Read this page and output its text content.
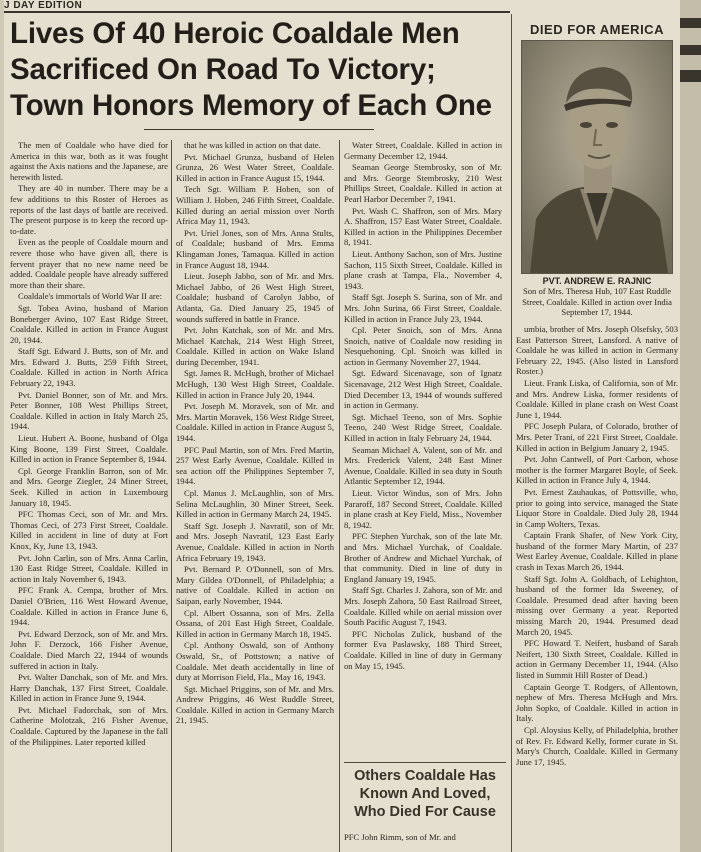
J DAY EDITION
Lives Of 40 Heroic Coaldale Men
Sacrificed On Road To Victory;
Town Honors Memory of Each One

The men of Coaldale who have died for America in this war, both as it was fought against the Axis nations and the Japanese, are herewith listed.

They are 40 in number. There may be a few additions to this Roster of Heroes as reports of the last days of battle are received. The present purpose is to keep the record up-to-date.

Even as the people of Coaldale mourn and revere those who have given all, there is fervent prayer that no new name need be added. Coaldale people have already suffered more than their share.

Coaldale's immortals of World War II are:

Sgt. Tobea Avino, husband of Marion Boneberger Avino, 107 East Ridge Street, Coaldale. Killed in action in France August 20, 1944.

Staff Sgt. Edward J. Butts, son of Mr. and Mrs. Edward J. Butts, 259 Fifth Street, Coaldale. Killed in action in North Africa February 22, 1943.

Pvt. Daniel Bonner, son of Mr. and Mrs. Peter Bonner, 108 West Phillips Street, Coaldale. Killed in action in Italy March 25, 1944.

Lieut. Hubert A. Boone, husband of Olga King Boone, 139 First Street, Coaldale. Killed in action in France September 8, 1944.

Cpl. George Franklin Barron, son of Mr. and Mrs. George Ziegler, 24 Miner Street, Seek. Killed in action in Luxembourg January 18, 1945.

PFC Thomas Ceci, son of Mr. and Mrs. Thomas Ceci, of 273 First Street, Coaldale. Killed in accident in line of duty at Fort Knox, Ky, June 13, 1943.

Pvt. John Carlin, son of Mrs. Anna Carlin, 130 East Ridge Street, Coaldale. Killed in action in Italy November 6, 1943.

PFC Frank A. Cempa, brother of Mrs. Daniel O'Brien, 116 West Howard Avenue, Coaldale. Killed in action in France June 6, 1944.

Pvt. Edward Derzock, son of Mr. and Mrs. John F. Derzock, 166 Fisher Avenue, Coaldale. Died March 22, 1944 of wounds suffered in action in Italy.

Pvt. Walter Danchak, son of Mr. and Mrs. Harry Danchak, 137 First Street, Coaldale. Killed in action in France June 9, 1944.

Pvt. Michael Fadorchak, son of Mrs. Catherine Molotzak, 216 Fisher Avenue, Coaldale. Captured by the Japanese in the fall of the Philippines. Later reported killed

that he was killed in action on that date.

Pvt. Michael Grunza, husband of Helen Grunza, 26 West Water Street, Coaldale. Killed in action in France August 15, 1944.

Tech Sgt. William P. Hoben, son of William J. Hoben, 246 Fifth Street, Coaldale. Killed during an aerial mission over North Africa May 11, 1943.

Pvt. Uriel Jones, son of Mrs. Anna Stults, of Coaldale; husband of Mrs. Emma Klingaman Jones, Tamaqua. Killed in action in France August 18, 1944.

Lieut. Joseph Jabbo, son of Mr. and Mrs. Michael Jabbo, of 26 West High Street, Coaldale; husband of Carolyn Jabbo, of Atlanta, Ga. Died January 25, 1945 of wounds suffered in battle in France.

Pvt. John Katchak, son of Mr. and Mrs. Michael Katchak, 214 West High Street, Coaldale. Killed in action on Wake Island during December, 1941.

Sgt. James R. McHugh, brother of Michael McHugh, 130 West High Street, Coaldale. Killed in action in France July 20, 1944.

Pvt. Joseph M. Moravek, son of Mr. and Mrs. Martin Moravek, 156 West Ridge Street, Coaldale. Killed in action in France August 5, 1944.

PFC Paul Martin, son of Mrs. Fred Martin, 257 West Early Avenue, Coaldale. Killed in sea action off the Philippines September 7, 1944.

Cpl. Manus J. McLaughlin, son of Mrs. Selina McLaughlin, 30 Miner Street, Seek. Killed in action in Germany March 24, 1945.

Staff Sgt. Joseph J. Navratil, son of Mr. and Mrs. Joseph Navratil, 123 East Early Avenue, Coaldale. Killed in action in North Africa February 19, 1943.

Pvt. Bernard P. O'Donnell, son of Mrs. Mary Gildea O'Donnell, of Philadelphia; a native of Coaldale. Killed in action on Saipan, early November, 1944.

Cpl. Albert Ossanna, son of Mrs. Zella Ossana, of 201 East High Street, Coaldale. Killed in action in Germany March 18, 1945.

Cpl. Anthony Oswald, son of Anthony Oswald, Sr., of Pottstown; a native of Coaldale. Met death accidentally in line of duty at Morrison Field, Fla., May 16, 1943.

Sgt. Michael Priggins, son of Mr. and Mrs. Andrew Priggins, 46 West Ruddle Street, Coaldale. Killed in action in Germany March 21, 1945.

Water Street, Coaldale. Killed in action in Germany December 12, 1944.

Seaman George Stembrosky, son of Mr. and Mrs. George Stembrosky, 210 West Phillips Street, Coaldale. Killed in action at Pearl Harbor December 7, 1941.

Pvt. Wash C. Shaffron, son of Mrs. Mary A. Shaffron, 157 East Water Street, Coaldale. Killed in action in the Philippines December 8, 1941.

Lieut. Anthony Sachon, son of Mrs. Justine Sachon, 115 Sixth Street, Coaldale. Killed in plane crash at Tampa, Fla., November 4, 1943.

Staff Sgt. Joseph S. Surina, son of Mr. and Mrs. John Surina, 66 First Street, Coaldale. Killed in action in France July 23, 1944.

Cpl. Peter Snoich, son of Mrs. Anna Snoich, native of Coaldale now residing in Nesquehoning. Cpl. Snoich was killed in action in Germany November 27, 1944.

Sgt. Edward Sicenavage, son of Ignatz Sicenavage, 212 West High Street, Coaldale. Died December 13, 1944 of wounds suffered in action in Germany.

Sgt. Michael Teeno, son of Mrs. Sophie Teeno, 240 West Ridge Street, Coaldale. Killed in action in Italy February 24, 1944.

Seaman Michael A. Valent, son of Mr. and Mrs. Frederick Valent, 248 East Miner Avenue, Coaldale. Killed in sea duty in South Atlantic September 12, 1944.

Lieut. Victor Windus, son of Mrs. John Pararoff, 187 Second Street, Coaldale. Killed in plane crash at Key Field, Miss., November 8, 1942.

PFC Stephen Yurchak, son of the late Mr. and Mrs. Michael Yurchak, of Coaldale. Brother of Andrew and Michael Yurchak, of that community. Died in line of duty in England January 19, 1945.

Staff Sgt. Charles J. Zahora, son of Mr. and Mrs. Joseph Zahora, 50 East Railroad Street, Coaldale. Killed while on aerial mission over South Pacific August 7, 1943.

PFC Nicholas Zulick, husband of the former Eva Paslawsky, 188 Third Street, Coaldale. Killed in line of duty in Germany on May 15, 1945.

DIED FOR AMERICA
PVT. ANDREW E. RAJNIC
Son of Mrs. Theresa Hub, 107 East Ruddle Street, Coaldale. Killed in action over India September 17, 1944.

umbia, brother of Mrs. Joseph Olsefsky, 503 East Patterson Street, Lansford. A native of Coaldale he was killed in action in Germany February 22, 1945. (Also listed in Lansford Roster.)

Lieut. Frank Liska, of California, son of Mr. and Mrs. Andrew Liska, former residents of Coaldale. Killed in plane crash on West Coast June 1, 1944.

PFC Joseph Pulara, of Colorado, brother of Mrs. Peter Trani, of 221 First Street, Coaldale. Killed in action in Belgium January 2, 1945.

Pvt. John Cantwell, of Port Carbon, whose mother is the former Margaret Boyle, of Seek. Killed in action in France July 4, 1944.

Pvt. Ernest Zauhaukas, of Pottsville, who, prior to going into service, managed the State Liquor Store in Coaldale. Died July 28, 1944 in Camp Wolters, Texas.

Captain Frank Shafer, of New York City, husband of the former Mary Martin, of 237 West Earley Avenue, Coaldale. Killed in plane crash in Texas March 26, 1944.

Staff Sgt. John A. Goldbach, of Lehighton, husband of the former Ida Sweeney, of Coaldale. Presumed dead after having been missing over Germany a year. Reported missing March 20, 1944. Presumed dead March 20, 1945.

PFC Howard T. Neifert, husband of Sarah Neifert, 130 Sixth Street, Coaldale. Killed in action in Germany December 11, 1944. (Also listed in Summit Hill Roster of Dead.)

Captain George T. Rodgers, of Allentown, nephew of Mrs. Theresa McHugh and Mrs. John Sopko, of Coaldale. Killed in action in Italy.

Cpl. Aloysius Kelly, of Philadelphia, brother of Rev. Fr. Edward Kelly, former curate in St. Mary's Church, Coaldale. Killed in Germany June 17, 1945.

Others Coaldale Has
Known And Loved,
Who Died For Cause
PFC John Rimm, son of Mr. and
